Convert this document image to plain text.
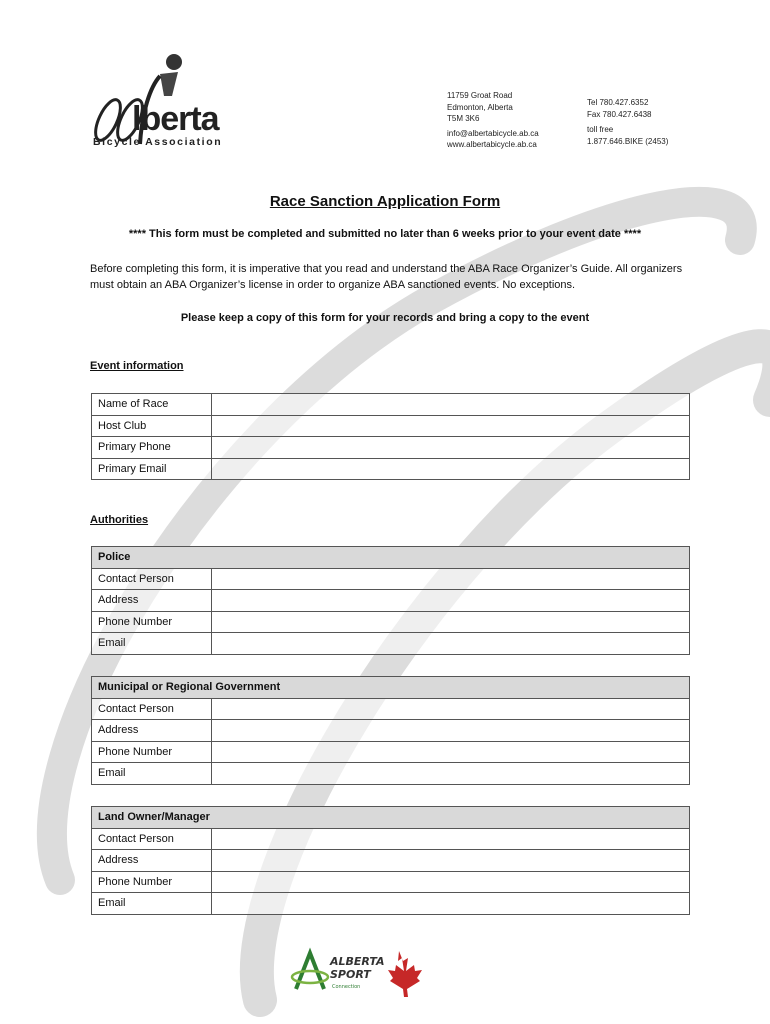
lberta
Bicycle Association
11759 Groat Road
Edmonton, Alberta
T5M 3K6
info@albertabicycle.ab.ca
www.albertabicycle.ab.ca
Tel 780.427.6352
Fax 780.427.6438
toll free
1.877.646.BIKE (2453)
Race Sanction Application Form
**** This form must be completed and submitted no later than 6 weeks prior to your event date ****
Before completing this form, it is imperative that you read and understand the ABA Race Organizer’s Guide. All organizers must obtain an ABA Organizer’s license in order to organize ABA sanctioned events. No exceptions.
Please keep a copy of this form for your records and bring a copy to the event
Event information
Name of Race	
Host Club	
Primary Phone	
Primary Email	
Authorities
Police	
Contact Person	
Address	
Phone Number	
Email	
Municipal or Regional Government	
Contact Person	
Address	
Phone Number	
Email	
Land Owner/Manager	
Contact Person	
Address	
Phone Number	
Email	
ALBERTA
SPORT
Connection
